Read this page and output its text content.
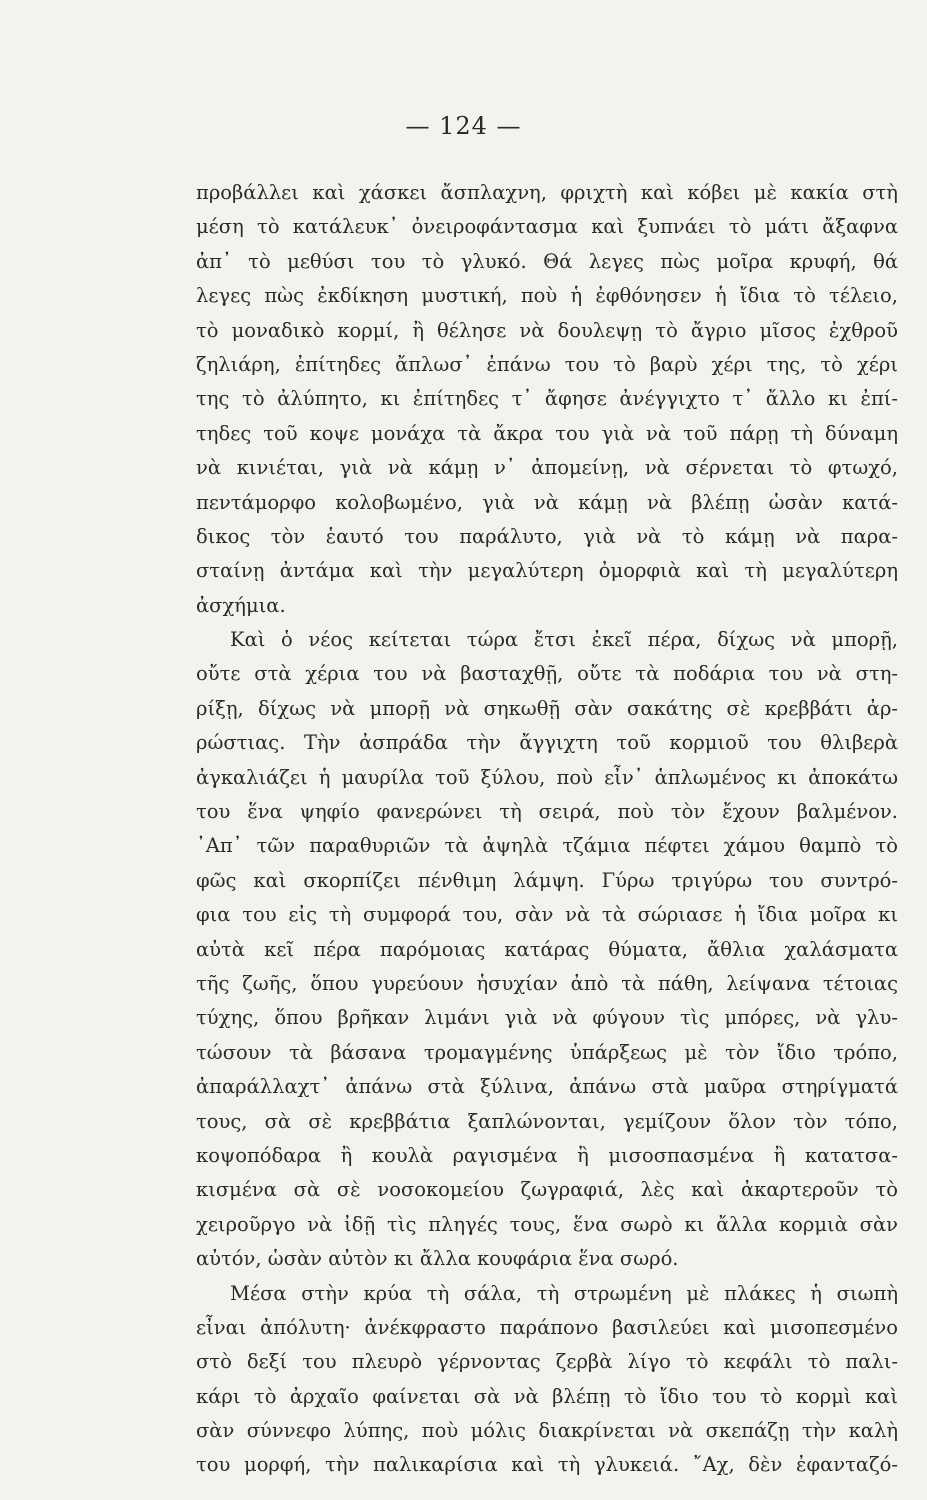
— 124 —
προβάλλει καὶ χάσκει ἄσπλαχνη, φριχτὴ καὶ κόβει μὲ κακία στὴ
μέση τὸ κατάλευκ᾽ ὀνειροφάντασμα καὶ ξυπνάει τὸ μάτι ἄξαφνα
ἀπ᾽ τὸ μεθύσι του τὸ γλυκό. Θά λεγες πὼς μοῖρα κρυφή, θά
λεγες πὼς ἐκδίκηση μυστική, ποὺ ἡ ἐφθόνησεν ἡ ἴδια τὸ τέλειο,
τὸ μοναδικὸ κορμί, ἢ θέλησε νὰ δουλεψῃ τὸ ἄγριο μῖσος ἐχθροῦ
ζηλιάρη, ἐπίτηδες ἄπλωσ᾽ ἐπάνω του τὸ βαρὺ χέρι της, τὸ χέρι
της τὸ ἀλύπητο, κι ἐπίτηδες τ᾽ ἄφησε ἀνέγγιχτο τ᾽ ἄλλο κι ἐπί-
τηδες τοῦ κοψε μονάχα τὰ ἄκρα του γιὰ νὰ τοῦ πάρῃ τὴ δύναμη
νὰ κινιέται, γιὰ νὰ κάμῃ ν᾽ ἀπομείνῃ, νὰ σέρνεται τὸ φτωχό,
πεντάμορφο κολοβωμένο, γιὰ νὰ κάμῃ νὰ βλέπῃ ὡσὰν κατά-
δικος τὸν ἑαυτό του παράλυτο, γιὰ νὰ τὸ κάμῃ νὰ παρα-
σταίνῃ ἀντάμα καὶ τὴν μεγαλύτερη ὀμορφιὰ καὶ τὴ μεγαλύτερη
ἀσχήμια.
Καὶ ὁ νέος κείτεται τώρα ἔτσι ἐκεῖ πέρα, δίχως νὰ μπορῇ,
οὔτε στὰ χέρια του νὰ βασταχθῇ, οὔτε τὰ ποδάρια του νὰ στη-
ρίξῃ, δίχως νὰ μπορῇ νὰ σηκωθῇ σὰν σακάτης σὲ κρεββάτι ἀρ-
ρώστιας. Τὴν ἀσπράδα τὴν ἄγγιχτη τοῦ κορμιοῦ του θλιβερὰ
ἀγκαλιάζει ἡ μαυρίλα τοῦ ξύλου, ποὺ εἶν᾽ ἁπλωμένος κι ἀποκάτω
του ἕνα ψηφίο φανερώνει τὴ σειρά, ποὺ τὸν ἔχουν βαλμένον.
᾽Απ᾽ τῶν παραθυριῶν τὰ ἀψηλὰ τζάμια πέφτει χάμου θαμπὸ τὸ
φῶς καὶ σκορπίζει πένθιμη λάμψη. Γύρω τριγύρω του συντρό-
φια του εἰς τὴ συμφορά του, σὰν νὰ τὰ σώριασε ἡ ἴδια μοῖρα κι
αὐτὰ κεῖ πέρα παρόμοιας κατάρας θύματα, ἄθλια χαλάσματα
τῆς ζωῆς, ὅπου γυρεύουν ἡσυχίαν ἀπὸ τὰ πάθη, λείψανα τέτοιας
τύχης, ὅπου βρῆκαν λιμάνι γιὰ νὰ φύγουν τὶς μπόρες, νὰ γλυ-
τώσουν τὰ βάσανα τρομαγμένης ὑπάρξεως μὲ τὸν ἴδιο τρόπο,
ἀπαράλλαχτ᾽ ἀπάνω στὰ ξύλινα, ἀπάνω στὰ μαῦρα στηρίγματά
τους, σὰ σὲ κρεββάτια ξαπλώνονται, γεμίζουν ὅλον τὸν τόπο,
κοψοπόδαρα ἢ κουλὰ ραγισμένα ἢ μισοσπασμένα ἢ κατατσα-
κισμένα σὰ σὲ νοσοκομείου ζωγραφιά, λὲς καὶ ἀκαρτεροῦν τὸ
χειροῦργο νὰ ἰδῇ τὶς πληγές τους, ἕνα σωρὸ κι ἄλλα κορμιὰ σὰν
αὐτόν, ὡσὰν αὐτὸν κι ἄλλα κουφάρια ἕνα σωρό.
Μέσα στὴν κρύα τὴ σάλα, τὴ στρωμένη μὲ πλάκες ἡ σιωπὴ
εἶναι ἀπόλυτη· ἀνέκφραστο παράπονο βασιλεύει καὶ μισοπεσμένο
στὸ δεξί του πλευρὸ γέρνοντας ζερβὰ λίγο τὸ κεφάλι τὸ παλι-
κάρι τὸ ἀρχαῖο φαίνεται σὰ νὰ βλέπῃ τὸ ἴδιο του τὸ κορμὶ καὶ
σὰν σύννεφο λύπης, ποὺ μόλις διακρίνεται νὰ σκεπάζῃ τὴν καλὴ
του μορφή, τὴν παλικαρίσια καὶ τὴ γλυκειά. ῎Αχ, δὲν ἐφανταζό-
